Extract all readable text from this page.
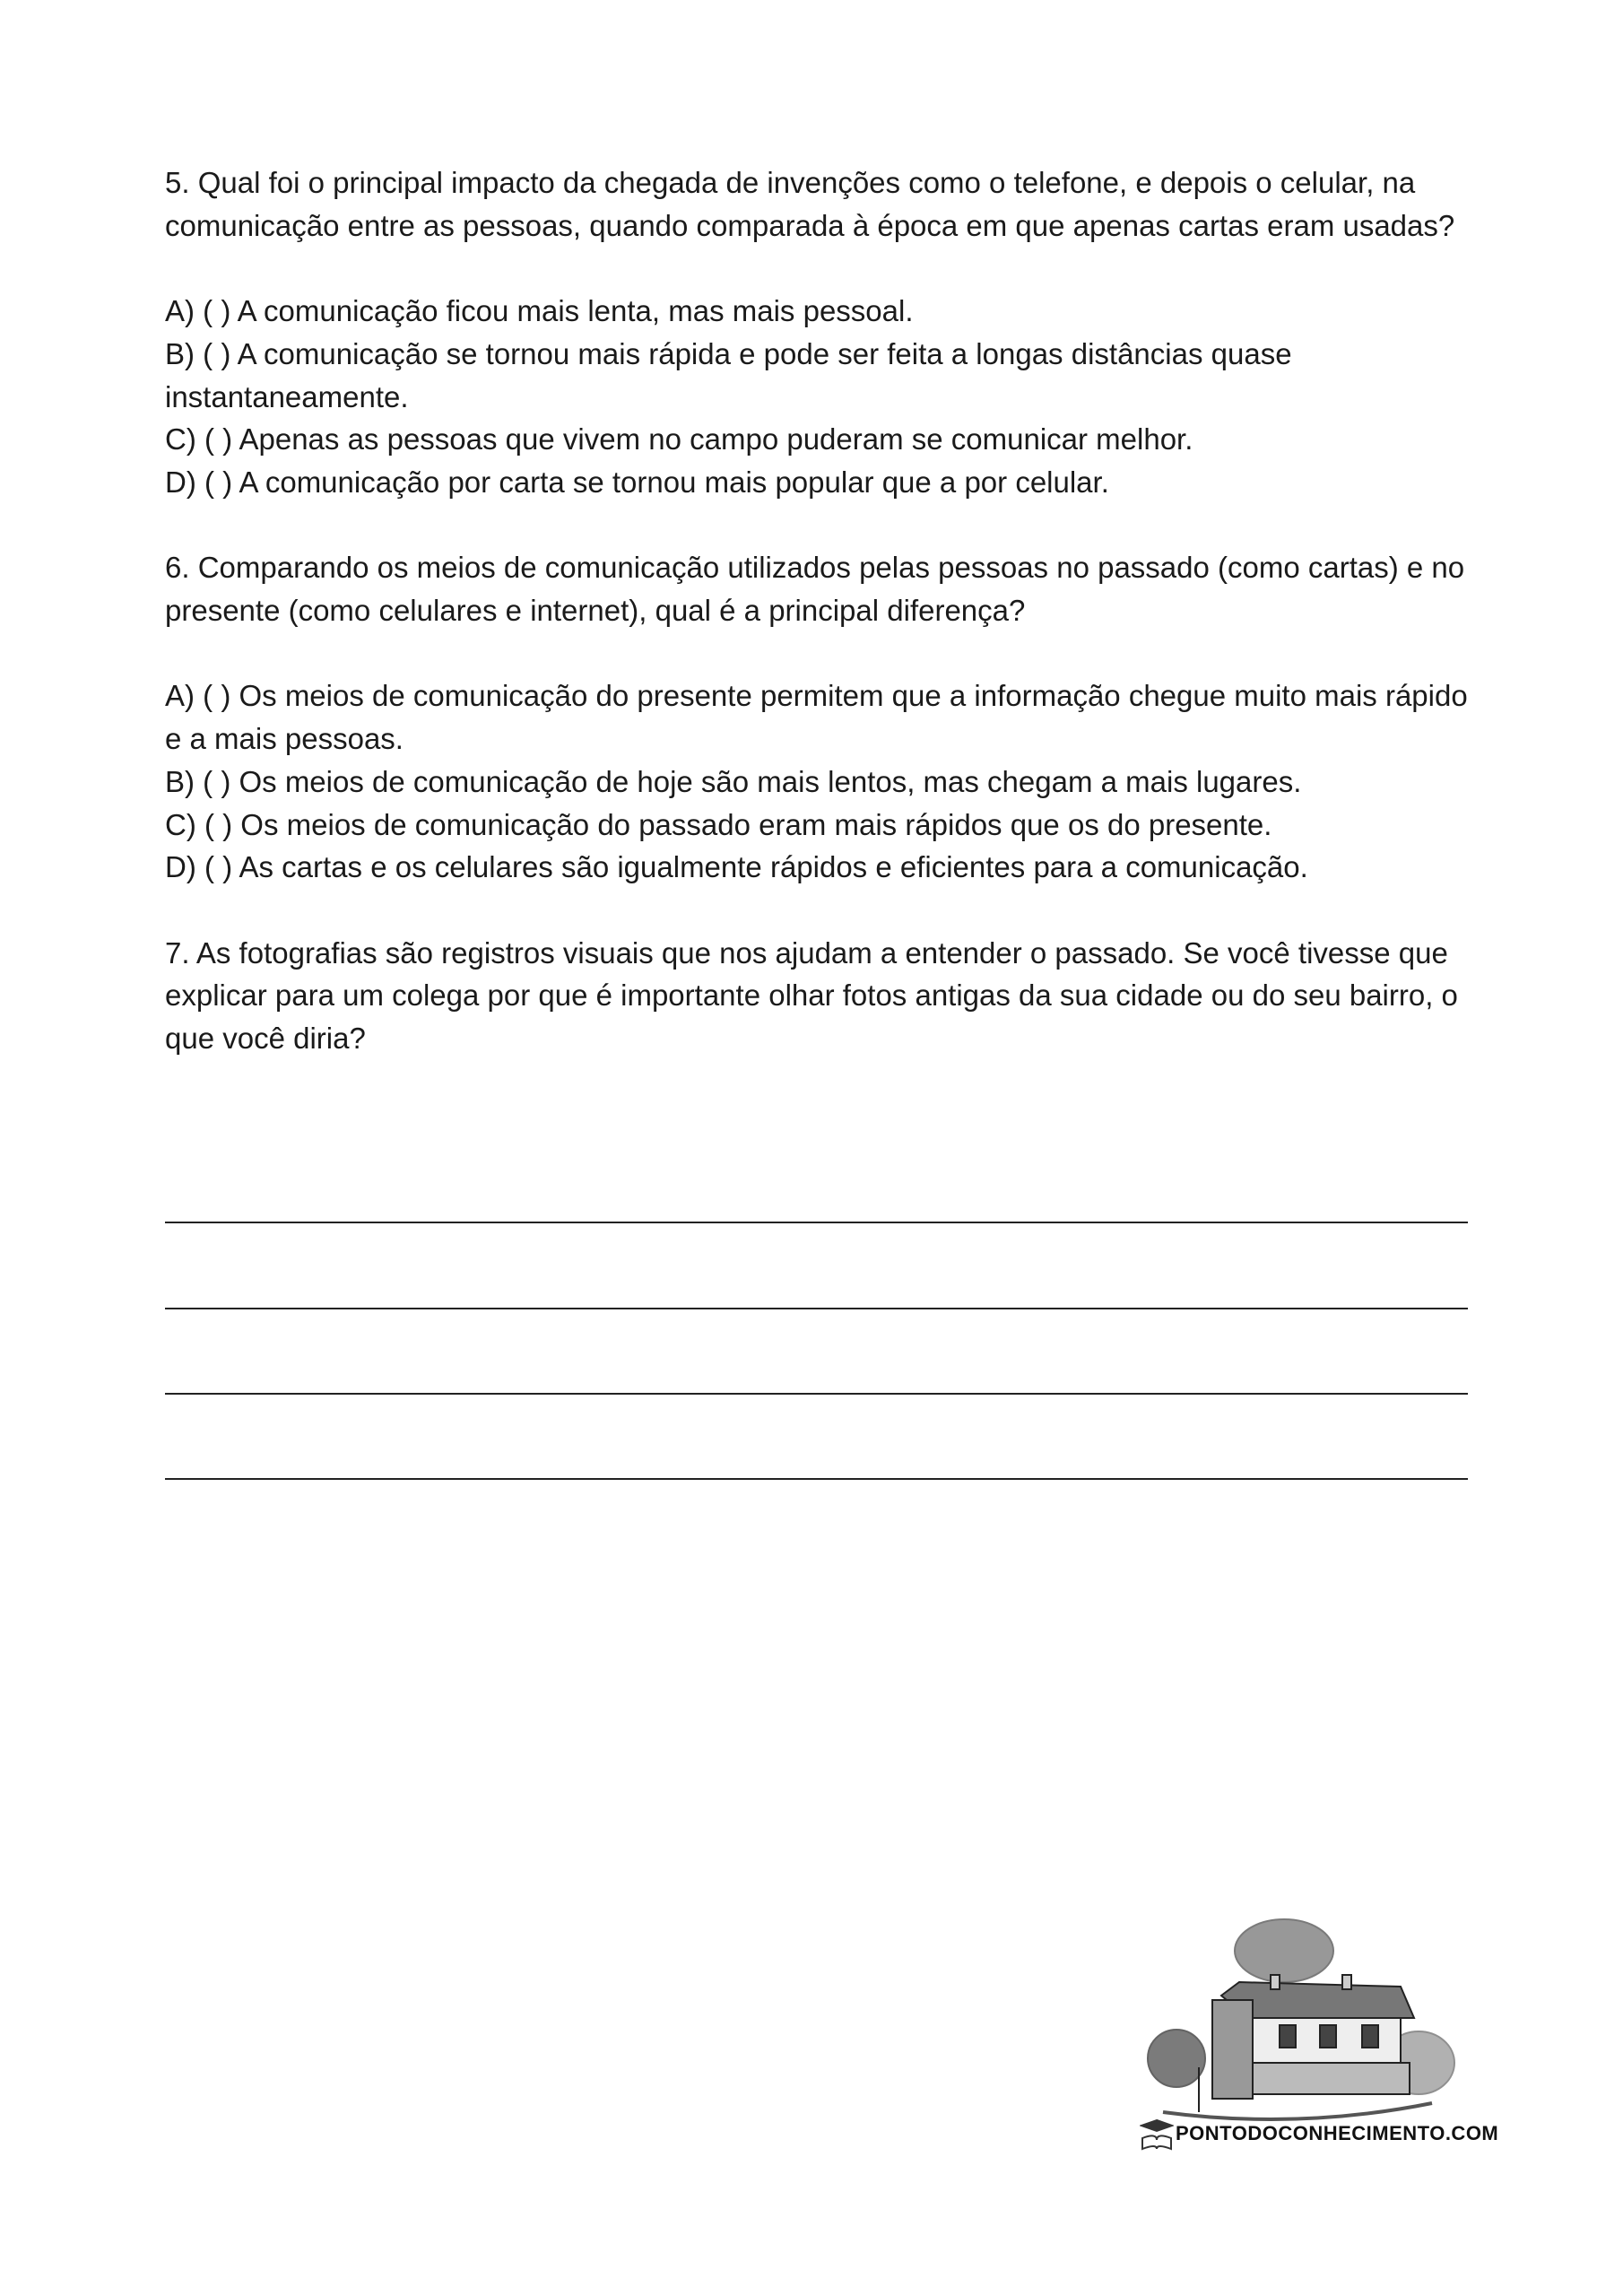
5. Qual foi o principal impacto da chegada de invenções como o telefone, e depois o celular, na comunicação entre as pessoas, quando comparada à época em que apenas cartas eram usadas?

A) ( ) A comunicação ficou mais lenta, mas mais pessoal.

B) ( ) A comunicação se tornou mais rápida e pode ser feita a longas distâncias quase instantaneamente.

C) ( ) Apenas as pessoas que vivem no campo puderam se comunicar melhor.

D) ( ) A comunicação por carta se tornou mais popular que a por celular.

6. Comparando os meios de comunicação utilizados pelas pessoas no passado (como cartas) e no presente (como celulares e internet), qual é a principal diferença?

A) ( ) Os meios de comunicação do presente permitem que a informação chegue muito mais rápido e a mais pessoas.

B) ( ) Os meios de comunicação de hoje são mais lentos, mas chegam a mais lugares.

C) ( ) Os meios de comunicação do passado eram mais rápidos que os do presente.

D) ( ) As cartas e os celulares são igualmente rápidos e eficientes para a comunicação.

7. As fotografias são registros visuais que nos ajudam a entender o passado. Se você tivesse que explicar para um colega por que é importante olhar fotos antigas da sua cidade ou do seu bairro, o que você diria?

PONTODOCONHECIMENTO.COM
